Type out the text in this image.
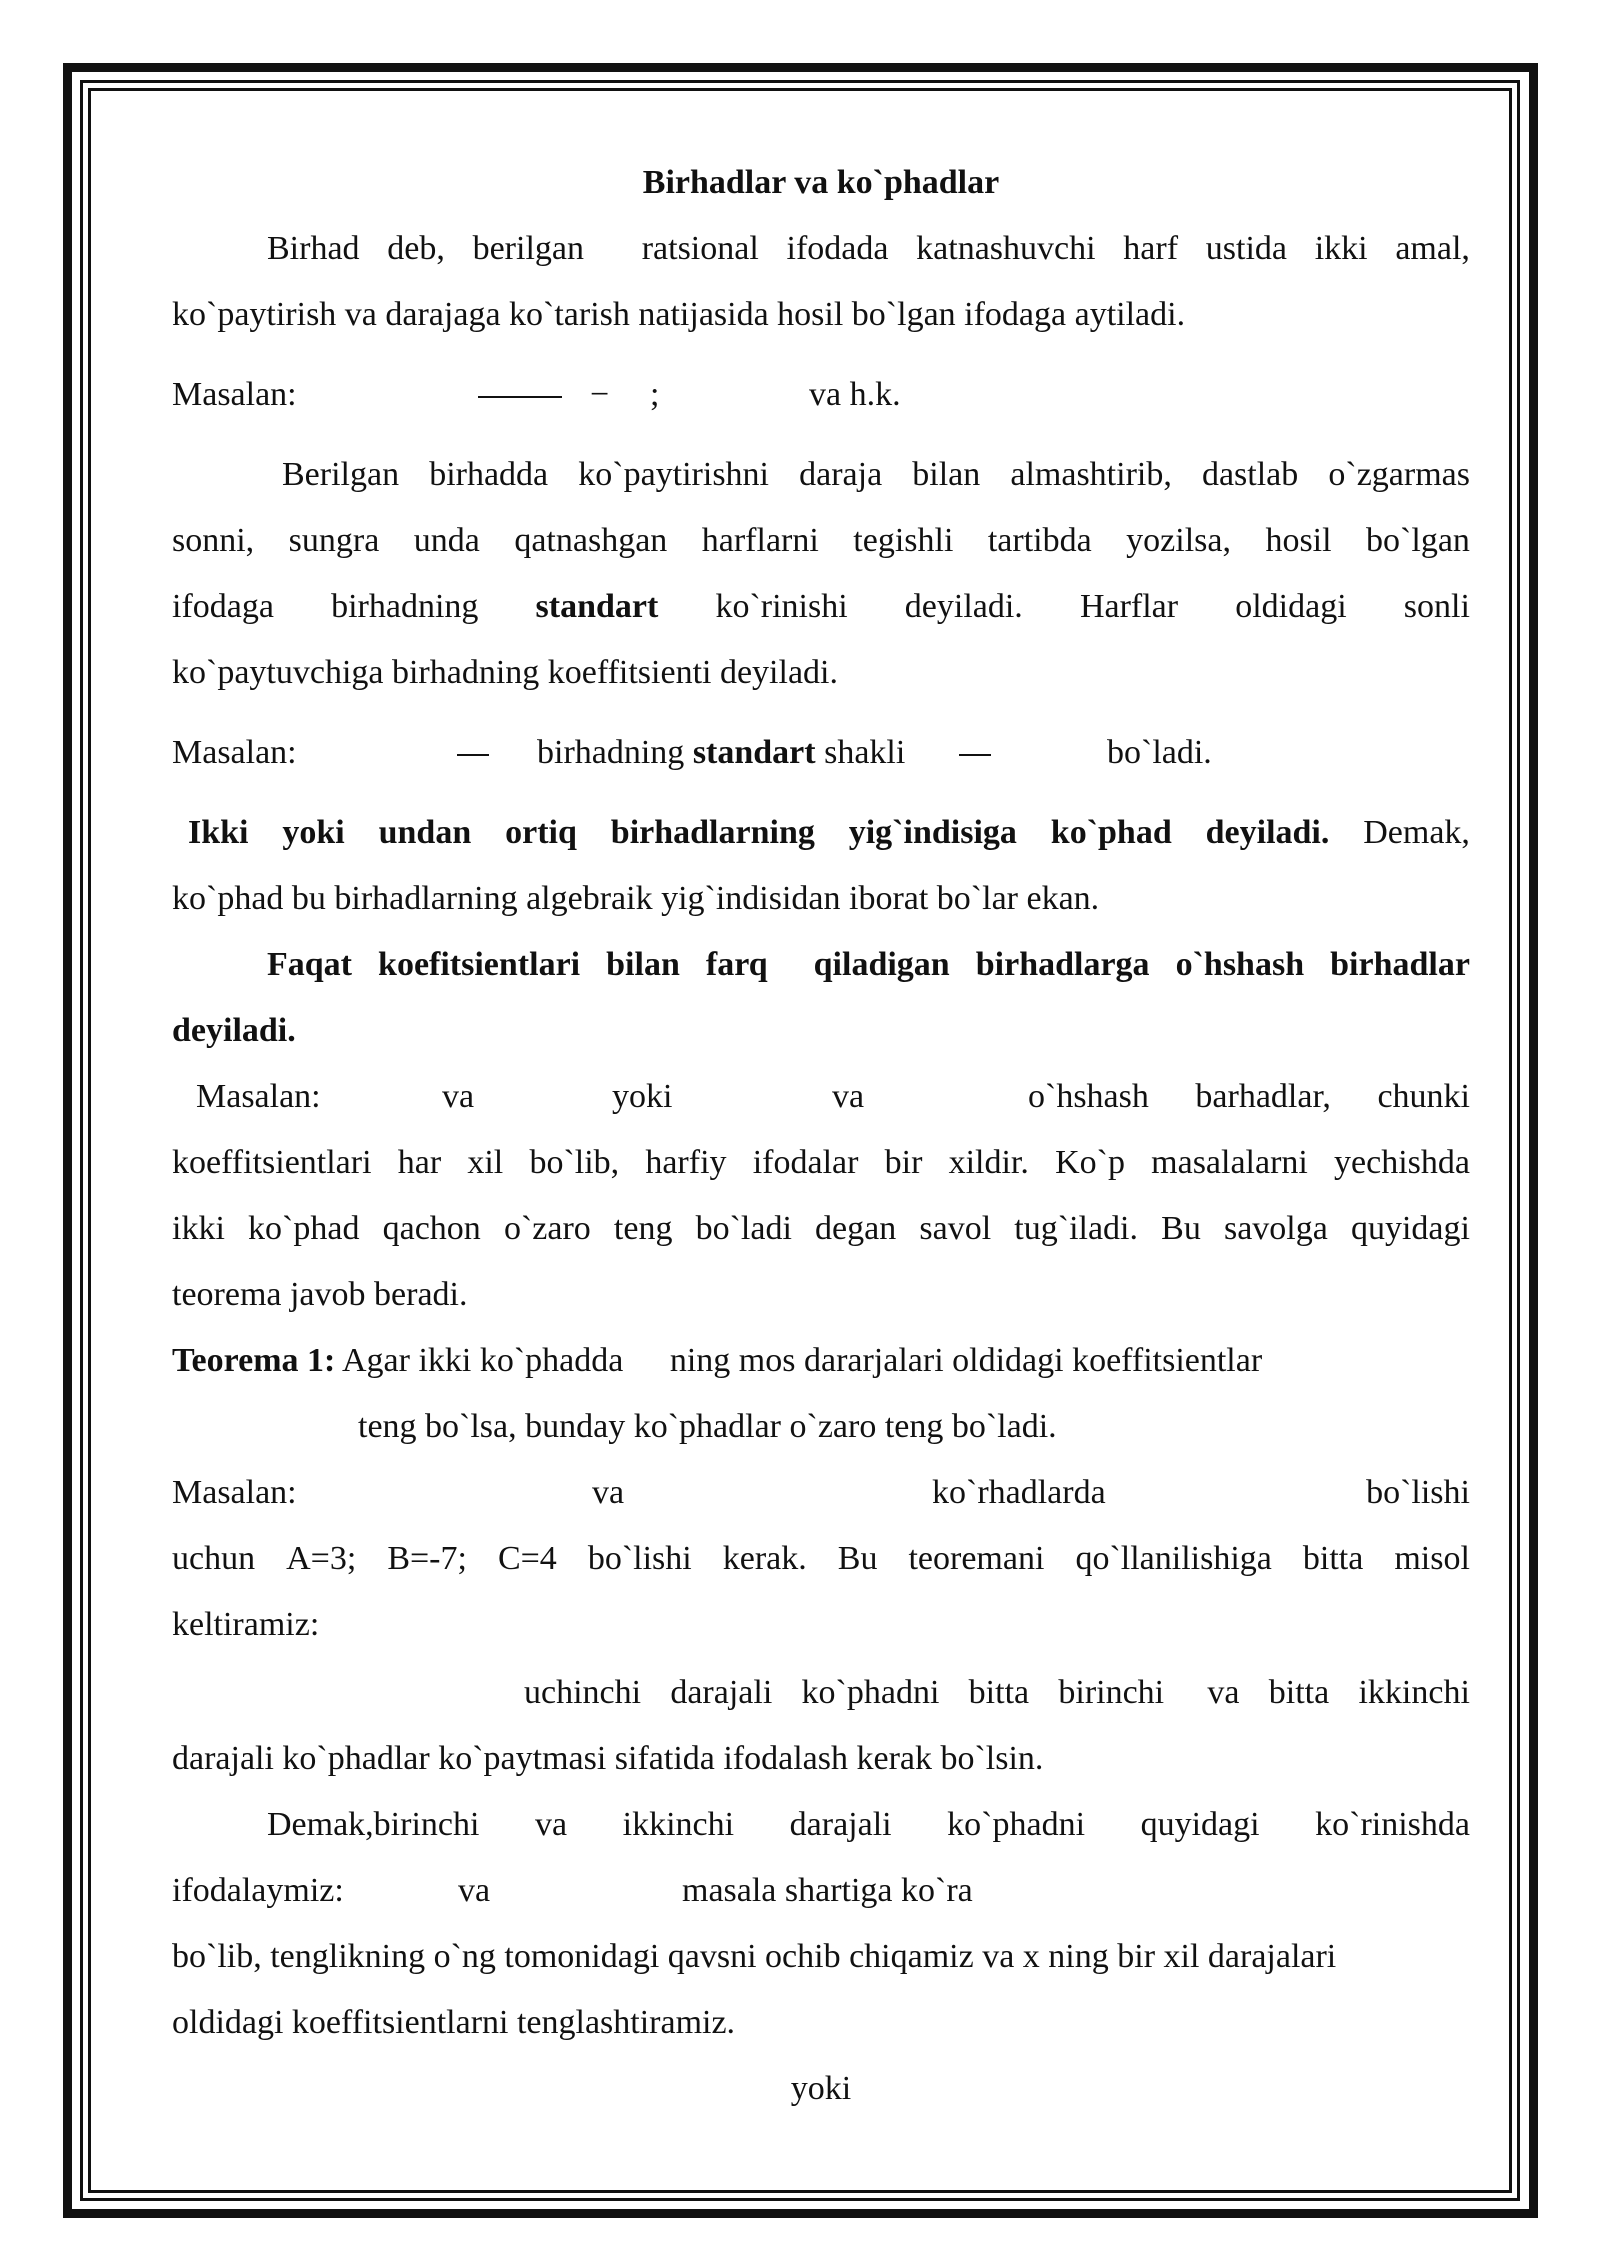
Birhadlar va ko`phadlar
Birhad deb, berilgan ratsional ifodada katnashuvchi harf ustida ikki amal,
ko`paytirish va darajaga ko`tarish natijasida hosil bo`lgan ifodaga aytiladi.
Masalan:	− ;	va h.k.
Berilgan birhadda ko`paytirishni daraja bilan almashtirib, dastlab o`zgarmas
sonni, sungra unda qatnashgan harflarni tegishli tartibda yozilsa, hosil bo`lgan
ifodaga birhadning standart ko`rinishi deyiladi. Harflar oldidagi sonli
ko`paytuvchiga birhadning koeffitsienti deyiladi.
Masalan:	birhadning standart shakli	bo`ladi.
Ikki yoki undan ortiq birhadlarning yig`indisiga ko`phad deyiladi. Demak,
ko`phad bu birhadlarning algebraik yig`indisidan iborat bo`lar ekan.
Faqat koefitsientlari bilan farq qiladigan birhadlarga o`hshash birhadlar
deyiladi.
Masalan:	va	yoki	va	o`hshash barhadlar, chunki
koeffitsientlari har xil bo`lib, harfiy ifodalar bir xildir. Ko`p masalalarni yechishda
ikki ko`phad qachon o`zaro teng bo`ladi degan savol tug`iladi. Bu savolga quyidagi
teorema javob beradi.
Teorema 1: Agar ikki ko`phadda ning mos dararjalari oldidagi koeffitsientlar
teng bo`lsa, bunday ko`phadlar o`zaro teng bo`ladi.
Masalan:	va	ko`rhadlarda	bo`lishi
uchun A=3; B=-7; C=4 bo`lishi kerak. Bu teoremani qo`llanilishiga bitta misol
keltiramiz:
uchinchi darajali ko`phadni bitta birinchi va bitta ikkinchi
darajali ko`phadlar ko`paytmasi sifatida ifodalash kerak bo`lsin.
Demak,birinchi va ikkinchi darajali ko`phadni quyidagi ko`rinishda
ifodalaymiz:	va	masala shartiga ko`ra
bo`lib, tenglikning o`ng tomonidagi qavsni ochib chiqamiz va x ning bir xil darajalari
oldidagi koeffitsientlarni tenglashtiramiz.
yoki
